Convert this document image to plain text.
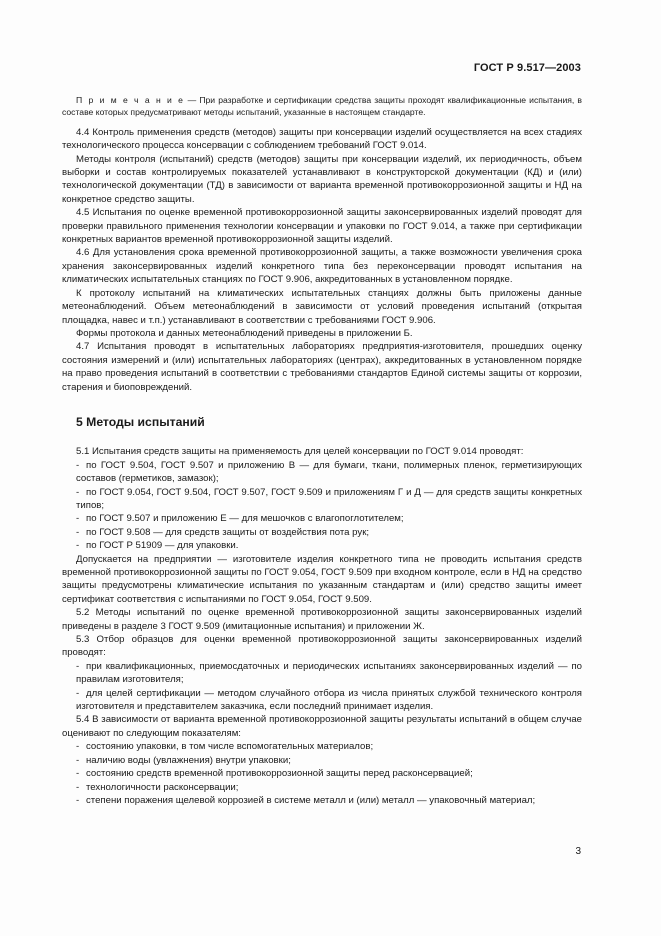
ГОСТ Р 9.517—2003

П р и м е ч а н и е — При разработке и сертификации средства защиты проходят квалификационные испытания, в составе которых предусматривают методы испытаний, указанные в настоящем стандарте.

4.4 Контроль применения средств (методов) защиты при консервации изделий осуществляется на всех стадиях технологического процесса консервации с соблюдением требований ГОСТ 9.014.

Методы контроля (испытаний) средств (методов) защиты при консервации изделий, их периодичность, объем выборки и состав контролируемых показателей устанавливают в конструкторской документации (КД) и (или) технологической документации (ТД) в зависимости от варианта временной противокоррозионной защиты и НД на конкретное средство защиты.

4.5 Испытания по оценке временной противокоррозионной защиты законсервированных изделий проводят для проверки правильного применения технологии консервации и упаковки по ГОСТ 9.014, а также при сертификации конкретных вариантов временной противокоррозионной защиты изделий.

4.6 Для установления срока временной противокоррозионной защиты, а также возможности увеличения срока хранения законсервированных изделий конкретного типа без переконсервации проводят испытания на климатических испытательных станциях по ГОСТ 9.906, аккредитованных в установленном порядке.

К протоколу испытаний на климатических испытательных станциях должны быть приложены данные метеонаблюдений. Объем метеонаблюдений в зависимости от условий проведения испытаний (открытая площадка, навес и т.п.) устанавливают в соответствии с требованиями ГОСТ 9.906.

Формы протокола и данных метеонаблюдений приведены в приложении Б.

4.7 Испытания проводят в испытательных лабораториях предприятия-изготовителя, прошедших оценку состояния измерений и (или) испытательных лабораториях (центрах), аккредитованных в установленном порядке на право проведения испытаний в соответствии с требованиями стандартов Единой системы защиты от коррозии, старения и биоповреждений.

5 Методы испытаний

5.1 Испытания средств защиты на применяемость для целей консервации по ГОСТ 9.014 проводят:

- по ГОСТ 9.504, ГОСТ 9.507 и приложению В — для бумаги, ткани, полимерных пленок, герметизирующих составов (герметиков, замазок);

- по ГОСТ 9.054, ГОСТ 9.504, ГОСТ 9.507, ГОСТ 9.509 и приложениям Г и Д — для средств защиты конкретных типов;

- по ГОСТ 9.507 и приложению Е — для мешочков с влагопоглотителем;

- по ГОСТ 9.508 — для средств защиты от воздействия пота рук;

- по ГОСТ Р 51909 — для упаковки.

Допускается на предприятии — изготовителе изделия конкретного типа не проводить испытания средств временной противокоррозионной защиты по ГОСТ 9.054, ГОСТ 9.509 при входном контроле, если в НД на средство защиты предусмотрены климатические испытания по указанным стандартам и (или) средство защиты имеет сертификат соответствия с испытаниями по ГОСТ 9.054, ГОСТ 9.509.

5.2 Методы испытаний по оценке временной противокоррозионной защиты законсервированных изделий приведены в разделе 3 ГОСТ 9.509 (имитационные испытания) и приложении Ж.

5.3 Отбор образцов для оценки временной противокоррозионной защиты законсервированных изделий проводят:

- при квалификационных, приемосдаточных и периодических испытаниях законсервированных изделий — по правилам изготовителя;

- для целей сертификации — методом случайного отбора из числа принятых службой технического контроля изготовителя и представителем заказчика, если последний принимает изделия.

5.4 В зависимости от варианта временной противокоррозионной защиты результаты испытаний в общем случае оценивают по следующим показателям:

- состоянию упаковки, в том числе вспомогательных материалов;

- наличию воды (увлажнения) внутри упаковки;

- состоянию средств временной противокоррозионной защиты перед расконсервацией;

- технологичности расконсервации;

- степени поражения щелевой коррозией в системе металл и (или) металл — упаковочный материал;

3
